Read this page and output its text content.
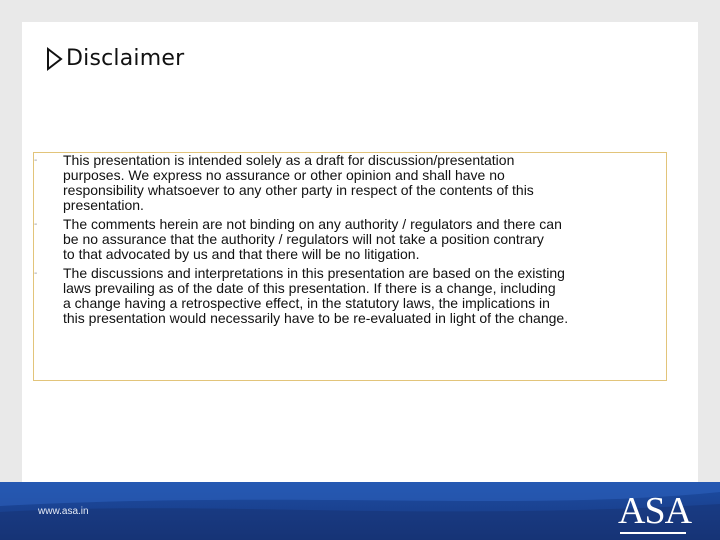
Disclaimer
- This presentation is intended solely as a draft for discussion/presentation
purposes. We express no assurance or other opinion and shall have no
responsibility whatsoever to any other party in respect of the contents of this
presentation.
- The comments herein are not binding on any authority / regulators and there can
be no assurance that the authority / regulators will not take a position contrary
to that advocated by us and that there will be no litigation.
- The discussions and interpretations in this presentation are based on the existing
laws prevailing as of the date of this presentation. If there is a change, including
a change having a retrospective effect, in the statutory laws, the implications in
this presentation would necessarily have to be re-evaluated in light of the change.
www.asa.in	ASA
